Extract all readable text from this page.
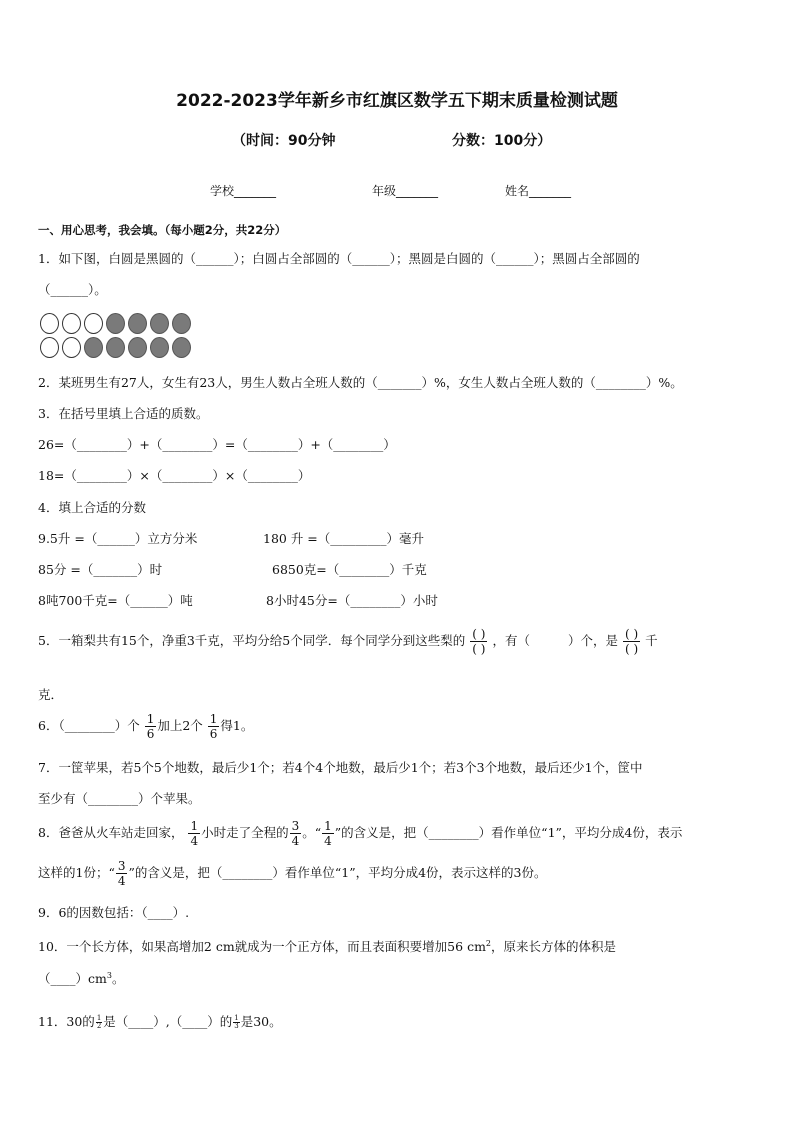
2022-2023学年新乡市红旗区数学五下期末质量检测试题
（时间：90分钟	分数：100分）
学校_______	年级_______	姓名_______
一、用心思考，我会填。（每小题2分，共22分）
1．如下图，白圆是黑圆的（______）；白圆占全部圆的（______）；黑圆是白圆的（______）；黑圆占全部圆的
（______）。
2．某班男生有27人，女生有23人，男生人数占全班人数的（_______）%，女生人数占全班人数的（________）%。
3．在括号里填上合适的质数。
26=（________）+（________）=（________）+（________）
18=（________）×（________）×（________）
4．填上合适的分数
9.5升 =（______）立方分米	180 升 =（_________）毫升
85分 =（_______）时	6850克=（________）千克
8吨700千克=（______）吨	8小时45分=（________）小时
5．一箱梨共有15个，净重3千克，平均分给5个同学．每个同学分到这些梨的 $\frac{( )}{( )}$ ，有（	）个，是 $\frac{( )}{( )}$ 千
克．
6．（________）个 $\frac{1}{6}$ 加上2个 $\frac{1}{6}$ 得1。
7．一筐苹果，若5个5个地数，最后少1个；若4个4个地数，最后少1个；若3个3个地数，最后还少1个，筐中
至少有（________）个苹果。
8．爸爸从火车站走回家， $\frac{1}{4}$ 小时走了全程的 $\frac{3}{4}$ 。“ $\frac{1}{4}$ ”的含义是，把（________）看作单位“1”，平均分成4份，表示
这样的1份；“ $\frac{3}{4}$ ”的含义是，把（________）看作单位“1”，平均分成4份，表示这样的3份。
9．6的因数包括：（____）.
10．一个长方体，如果高增加2 cm就成为一个正方体，而且表面积要增加56 $cm^2$，原来长方体的体积是
$(\_\_\_\_)cm^3$。
11．30的 $\frac{1}{2}$ 是（____）,（____）的 $\frac{1}{3}$ 是30。
